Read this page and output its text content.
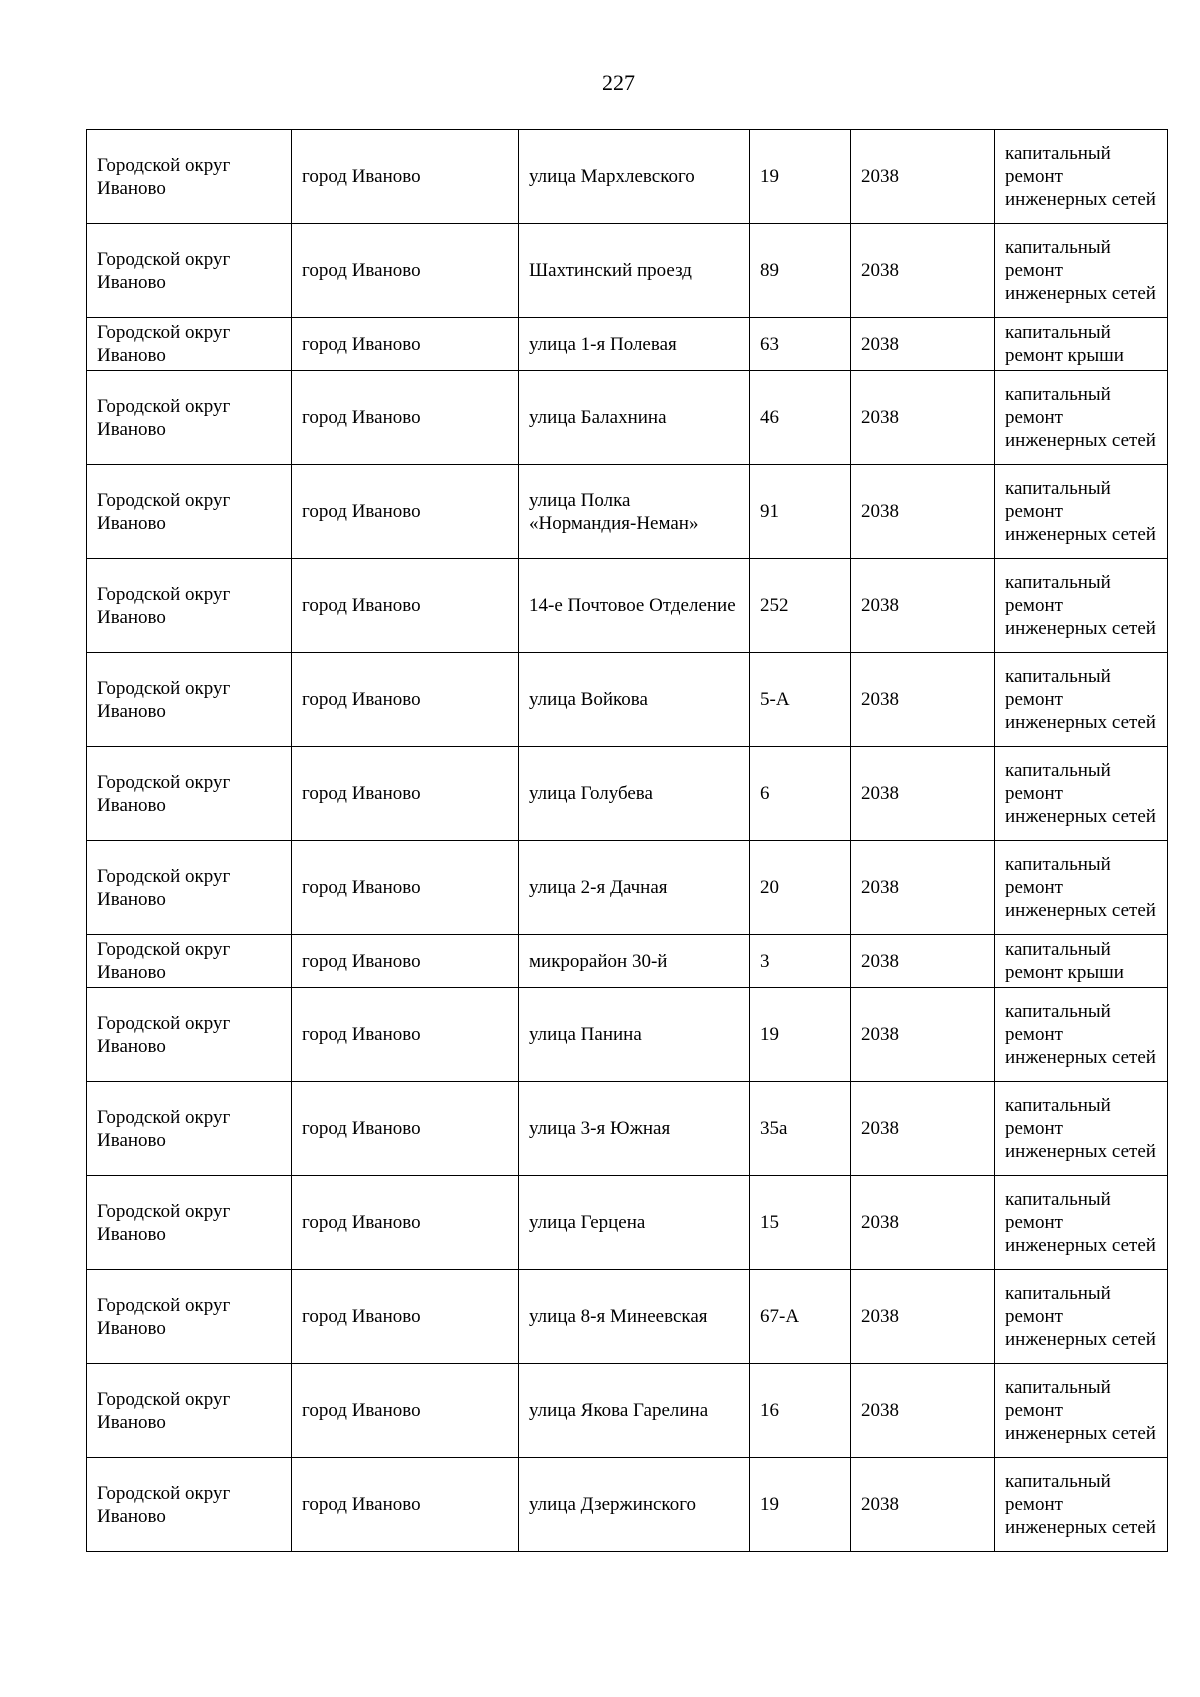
227
Городской округ Иваново	город Иваново	улица Мархлевского	19	2038	капитальный ремонт инженерных сетей
Городской округ Иваново	город Иваново	Шахтинский проезд	89	2038	капитальный ремонт инженерных сетей
Городской округ Иваново	город Иваново	улица 1-я Полевая	63	2038	капитальный ремонт крыши
Городской округ Иваново	город Иваново	улица Балахнина	46	2038	капитальный ремонт инженерных сетей
Городской округ Иваново	город Иваново	улица Полка «Нормандия-Неман»	91	2038	капитальный ремонт инженерных сетей
Городской округ Иваново	город Иваново	14-е Почтовое Отделение	252	2038	капитальный ремонт инженерных сетей
Городской округ Иваново	город Иваново	улица Войкова	5-А	2038	капитальный ремонт инженерных сетей
Городской округ Иваново	город Иваново	улица Голубева	6	2038	капитальный ремонт инженерных сетей
Городской округ Иваново	город Иваново	улица 2-я Дачная	20	2038	капитальный ремонт инженерных сетей
Городской округ Иваново	город Иваново	микрорайон 30-й	3	2038	капитальный ремонт крыши
Городской округ Иваново	город Иваново	улица Панина	19	2038	капитальный ремонт инженерных сетей
Городской округ Иваново	город Иваново	улица 3-я Южная	35а	2038	капитальный ремонт инженерных сетей
Городской округ Иваново	город Иваново	улица Герцена	15	2038	капитальный ремонт инженерных сетей
Городской округ Иваново	город Иваново	улица 8-я Минеевская	67-А	2038	капитальный ремонт инженерных сетей
Городской округ Иваново	город Иваново	улица Якова Гарелина	16	2038	капитальный ремонт инженерных сетей
Городской округ Иваново	город Иваново	улица Дзержинского	19	2038	капитальный ремонт инженерных сетей
